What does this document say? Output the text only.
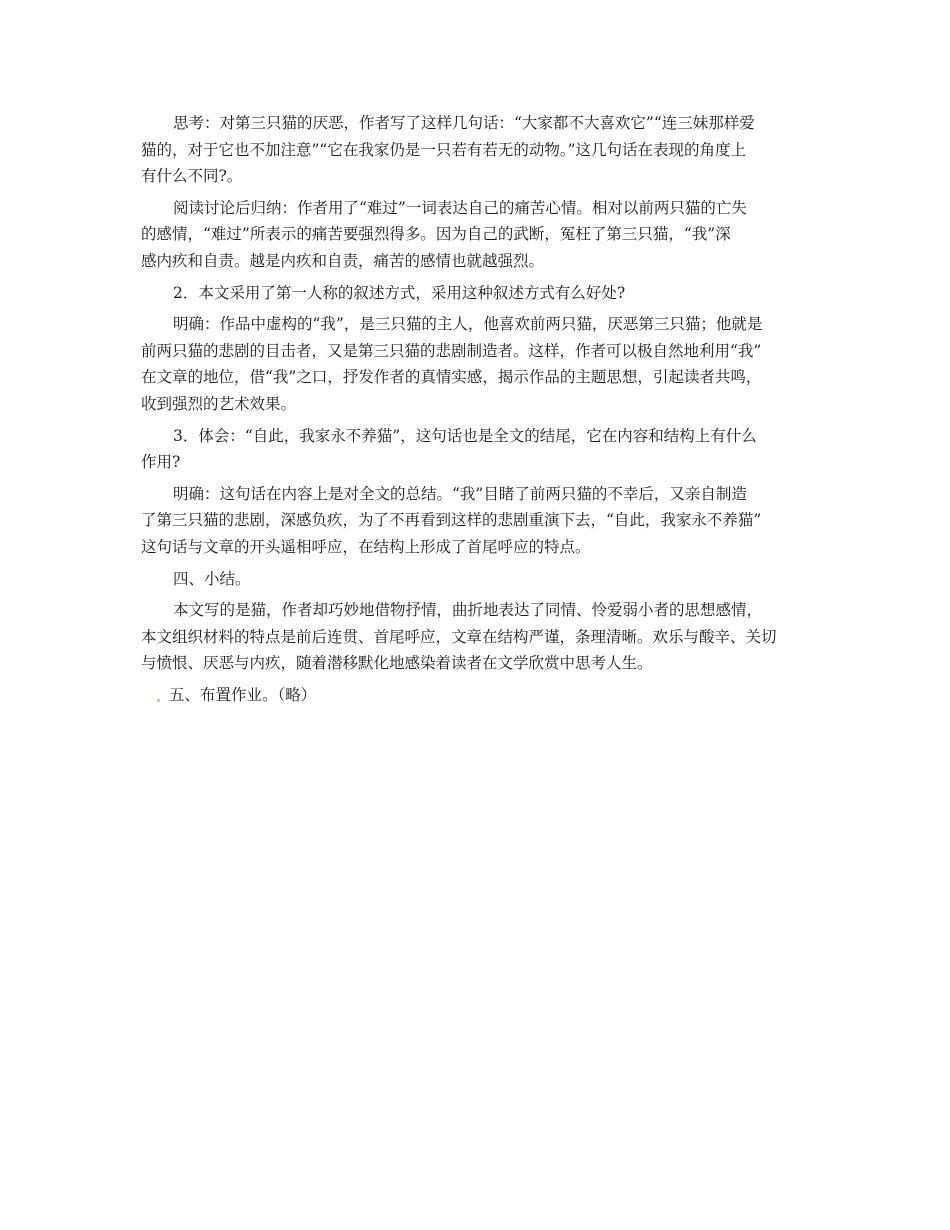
思考：对第三只猫的厌恶，作者写了这样几句话：“大家都不大喜欢它”“连三妹那样爱
猫的，对于它也不加注意”“它在我家仍是一只若有若无的动物。”这几句话在表现的角度上
有什么不同?。
阅读讨论后归纳：作者用了“难过”一词表达自己的痛苦心情。相对以前两只猫的亡失
的感情，“难过”所表示的痛苦要强烈得多。因为自己的武断，冤枉了第三只猫，“我”深
感内疚和自责。越是内疚和自责，痛苦的感情也就越强烈。
2．本文采用了第一人称的叙述方式，采用这种叙述方式有么好处?
明确：作品中虚构的“我”，是三只猫的主人，他喜欢前两只猫，厌恶第三只猫；他就是
前两只猫的悲剧的目击者，又是第三只猫的悲剧制造者。这样，作者可以极自然地利用“我”
在文章的地位，借“我”之口，抒发作者的真情实感，揭示作品的主题思想，引起读者共鸣，
收到强烈的艺术效果。
3．体会：“自此，我家永不养猫”，这句话也是全文的结尾，它在内容和结构上有什么
作用?
明确：这句话在内容上是对全文的总结。“我”目睹了前两只猫的不幸后，又亲自制造
了第三只猫的悲剧，深感负疚，为了不再看到这样的悲剧重演下去，“自此，我家永不养猫”
这句话与文章的开头遥相呼应，在结构上形成了首尾呼应的特点。
四、小结。
本文写的是猫，作者却巧妙地借物抒情，曲折地表达了同情、怜爱弱小者的思想感情，
本文组织材料的特点是前后连贯、首尾呼应，文章在结构严谨，条理清晰。欢乐与酸辛、关切
与愤恨、厌恶与内疚，随着潜移默化地感染着读者在文学欣赏中思考人生。
五、布置作业。（略）
